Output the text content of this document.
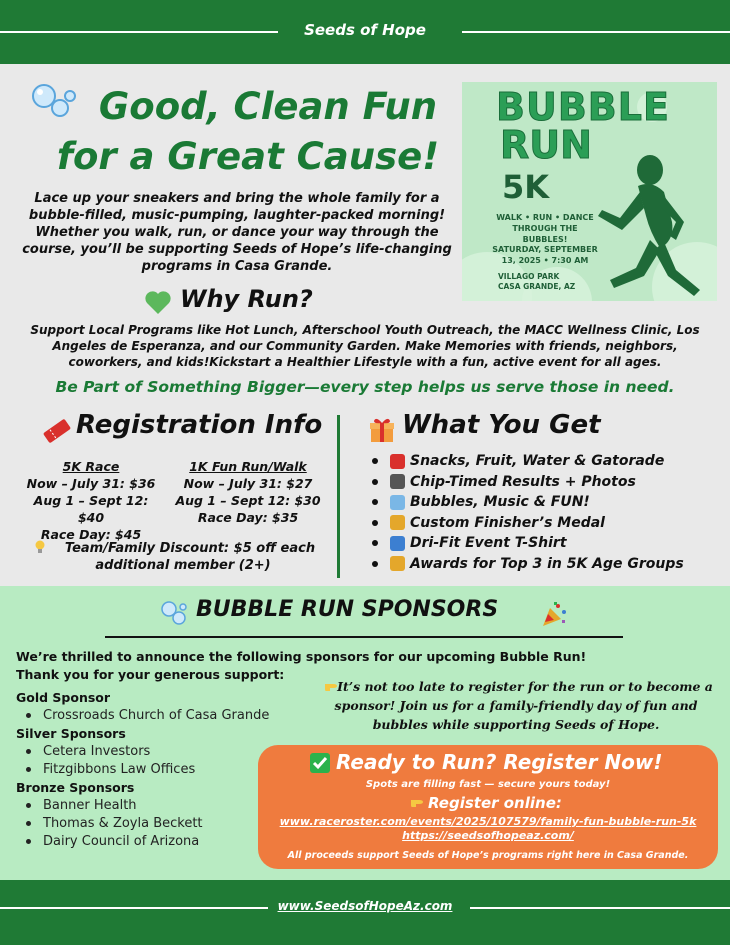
Seeds of Hope
Good, Clean Fun
for a Great Cause!
Lace up your sneakers and bring the whole family for a bubble-filled, music-pumping, laughter-packed morning! Whether you walk, run, or dance your way through the course, you’ll be supporting Seeds of Hope’s life-changing programs in Casa Grande.
BUBBLE
RUN
5K
WALK • RUN • DANCE
THROUGH THE BUBBLES!
SATURDAY, SEPTEMBER
13, 2025 • 7:30 AM
VILLAGO PARK
CASA GRANDE, AZ
Why Run?
Support Local Programs like Hot Lunch, Afterschool Youth Outreach, the MACC Wellness Clinic, Los Angeles de Esperanza, and our Community Garden. Make Memories with friends, neighbors, coworkers, and kids!Kickstart a Healthier Lifestyle with a fun, active event for all ages.
Be Part of Something Bigger—every step helps us serve those in need.
Registration Info
5K Race
Now – July 31: $36
Aug 1 – Sept 12: $40
Race Day: $45
1K Fun Run/Walk
Now – July 31: $27
Aug 1 – Sept 12: $30
Race Day: $35
Team/Family Discount: $5 off each additional member (2+)
What You Get
Snacks, Fruit, Water & Gatorade
Chip-Timed Results + Photos
Bubbles, Music & FUN!
Custom Finisher’s Medal
Dri-Fit Event T-Shirt
Awards for Top 3 in 5K Age Groups
BUBBLE RUN SPONSORS
We’re thrilled to announce the following sponsors for our upcoming Bubble Run!
Thank you for your generous support:
Gold Sponsor
Crossroads Church of Casa Grande
Silver Sponsors
Cetera Investors
Fitzgibbons Law Offices
Bronze Sponsors
Banner Health
Thomas & Zoyla Beckett
Dairy Council of Arizona
It’s not too late to register for the run or to become a sponsor! Join us for a family-friendly day of fun and bubbles while supporting Seeds of Hope.
Ready to Run? Register Now!
Spots are filling fast — secure yours today!
Register online:
www.raceroster.com/events/2025/107579/family-fun-bubble-run-5k
https://seedsofhopeaz.com/
All proceeds support Seeds of Hope’s programs right here in Casa Grande.
www.SeedsofHopeAz.com
